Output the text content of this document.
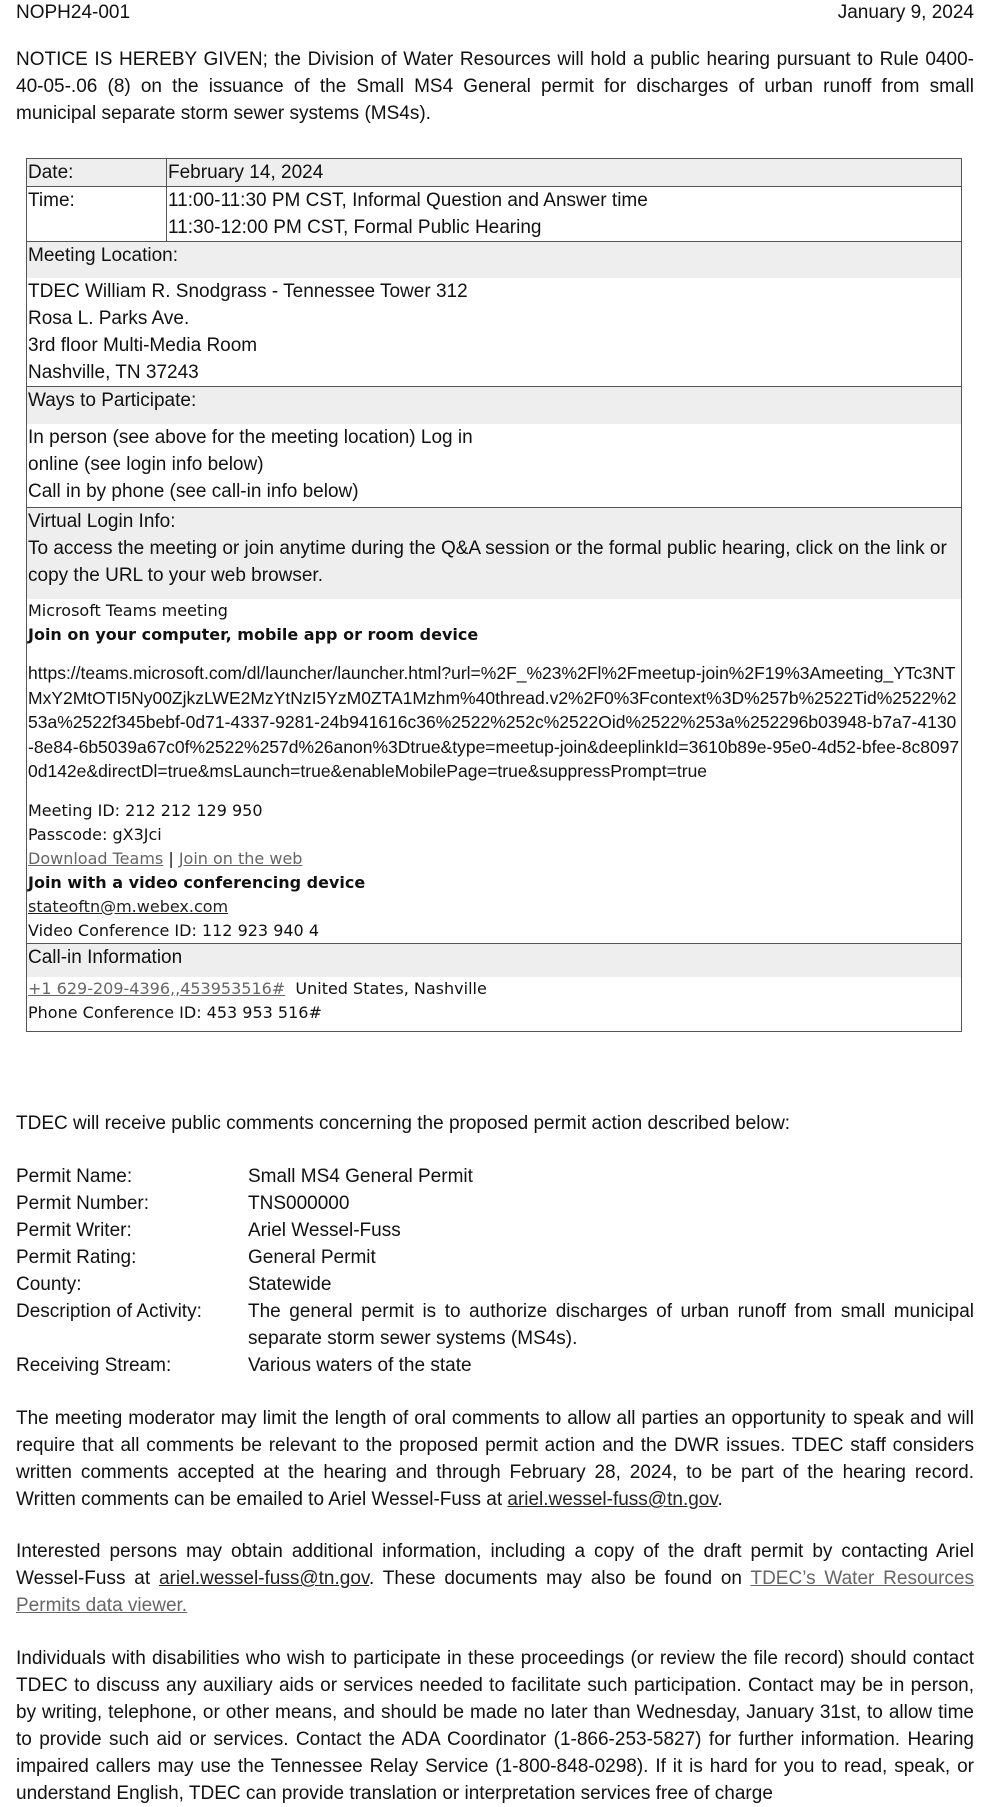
NOPH24-001	January 9, 2024
NOTICE IS HEREBY GIVEN; the Division of Water Resources will hold a public hearing pursuant to Rule 0400-40-05-.06 (8) on the issuance of the Small MS4 General permit for discharges of urban runoff from small municipal separate storm sewer systems (MS4s).
Date:	February 14, 2024
Time:	11:00-11:30 PM CST, Informal Question and Answer time
11:30-12:00 PM CST, Formal Public Hearing
Meeting Location:
TDEC William R. Snodgrass - Tennessee Tower 312
Rosa L. Parks Ave.
3rd floor Multi-Media Room
Nashville, TN 37243
Ways to Participate:
In person (see above for the meeting location) Log in
online (see login info below)
Call in by phone (see call-in info below)
Virtual Login Info:
To access the meeting or join anytime during the Q&A session or the formal public hearing, click on the link or copy the URL to your web browser.
Microsoft Teams meeting
Join on your computer, mobile app or room device
https://teams.microsoft.com/dl/launcher/launcher.html?url=%2F_%23%2Fl%2Fmeetup-join%2F19%3Ameeting_YTc3NTMxY2MtOTI5Ny00ZjkzLWE2MzYtNzI5YzM0ZTA1Mzhm%40thread.v2%2F0%3Fcontext%3D%257b%2522Tid%2522%253a%2522f345bebf-0d71-4337-9281-24b941616c36%2522%252c%2522Oid%2522%253a%252296b03948-b7a7-4130-8e84-6b5039a67c0f%2522%257d%26anon%3Dtrue&type=meetup-join&deeplinkId=3610b89e-95e0-4d52-bfee-8c80970d142e&directDl=true&msLaunch=true&enableMobilePage=true&suppressPrompt=true
Meeting ID: 212 212 129 950
Passcode: gX3Jci
Download Teams | Join on the web
Join with a video conferencing device
stateoftn@m.webex.com
Video Conference ID: 112 923 940 4
Call-in Information
+1 629-209-4396,,453953516# United States, Nashville
Phone Conference ID: 453 953 516#
TDEC will receive public comments concerning the proposed permit action described below:
Permit Name:	Small MS4 General Permit
Permit Number:	TNS000000
Permit Writer:	Ariel Wessel-Fuss
Permit Rating:	General Permit
County:	Statewide
Description of Activity:	The general permit is to authorize discharges of urban runoff from small municipal separate storm sewer systems (MS4s).
Receiving Stream:	Various waters of the state
The meeting moderator may limit the length of oral comments to allow all parties an opportunity to speak and will require that all comments be relevant to the proposed permit action and the DWR issues. TDEC staff considers written comments accepted at the hearing and through February 28, 2024, to be part of the hearing record. Written comments can be emailed to Ariel Wessel-Fuss at ariel.wessel-fuss@tn.gov.
Interested persons may obtain additional information, including a copy of the draft permit by contacting Ariel Wessel-Fuss at ariel.wessel-fuss@tn.gov. These documents may also be found on TDEC’s Water Resources Permits data viewer.
Individuals with disabilities who wish to participate in these proceedings (or review the file record) should contact TDEC to discuss any auxiliary aids or services needed to facilitate such participation. Contact may be in person, by writing, telephone, or other means, and should be made no later than Wednesday, January 31st, to allow time to provide such aid or services. Contact the ADA Coordinator (1-866-253-5827) for further information. Hearing impaired callers may use the Tennessee Relay Service (1-800-848-0298). If it is hard for you to read, speak, or understand English, TDEC can provide translation or interpretation services free of charge
